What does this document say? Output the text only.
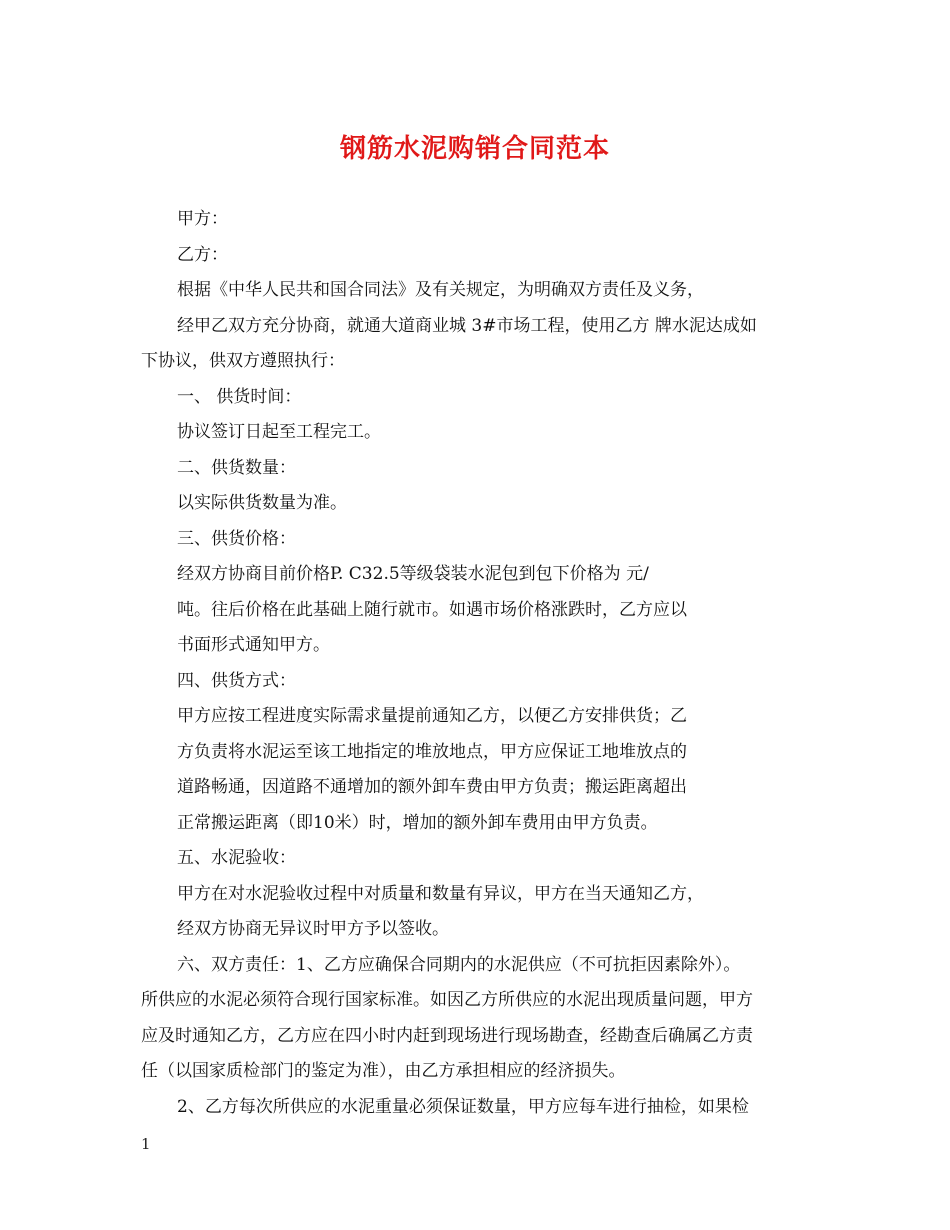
钢筋水泥购销合同范本

甲方：

乙方：

根据《中华人民共和国合同法》及有关规定，为明确双方责任及义务，

经甲乙双方充分协商，就通大道商业城 3#市场工程，使用乙方 牌水泥达成如

下协议，供双方遵照执行：

一、 供货时间：

协议签订日起至工程完工。

二、供货数量：

以实际供货数量为准。

三、供货价格：

经双方协商目前价格P. C32.5等级袋装水泥包到包下价格为 元/

吨。往后价格在此基础上随行就市。如遇市场价格涨跌时，乙方应以

书面形式通知甲方。

四、供货方式：

甲方应按工程进度实际需求量提前通知乙方，以便乙方安排供货；乙

方负责将水泥运至该工地指定的堆放地点，甲方应保证工地堆放点的

道路畅通，因道路不通增加的额外卸车费由甲方负责；搬运距离超出

正常搬运距离（即10米）时，增加的额外卸车费用由甲方负责。

五、水泥验收：

甲方在对水泥验收过程中对质量和数量有异议，甲方在当天通知乙方，

经双方协商无异议时甲方予以签收。

六、双方责任：1、乙方应确保合同期内的水泥供应（不可抗拒因素除外）。

所供应的水泥必须符合现行国家标准。如因乙方所供应的水泥出现质量问题，甲方

应及时通知乙方，乙方应在四小时内赶到现场进行现场勘查，经勘查后确属乙方责

任（以国家质检部门的鉴定为准），由乙方承担相应的经济损失。

2、乙方每次所供应的水泥重量必须保证数量，甲方应每车进行抽检，如果检

1
